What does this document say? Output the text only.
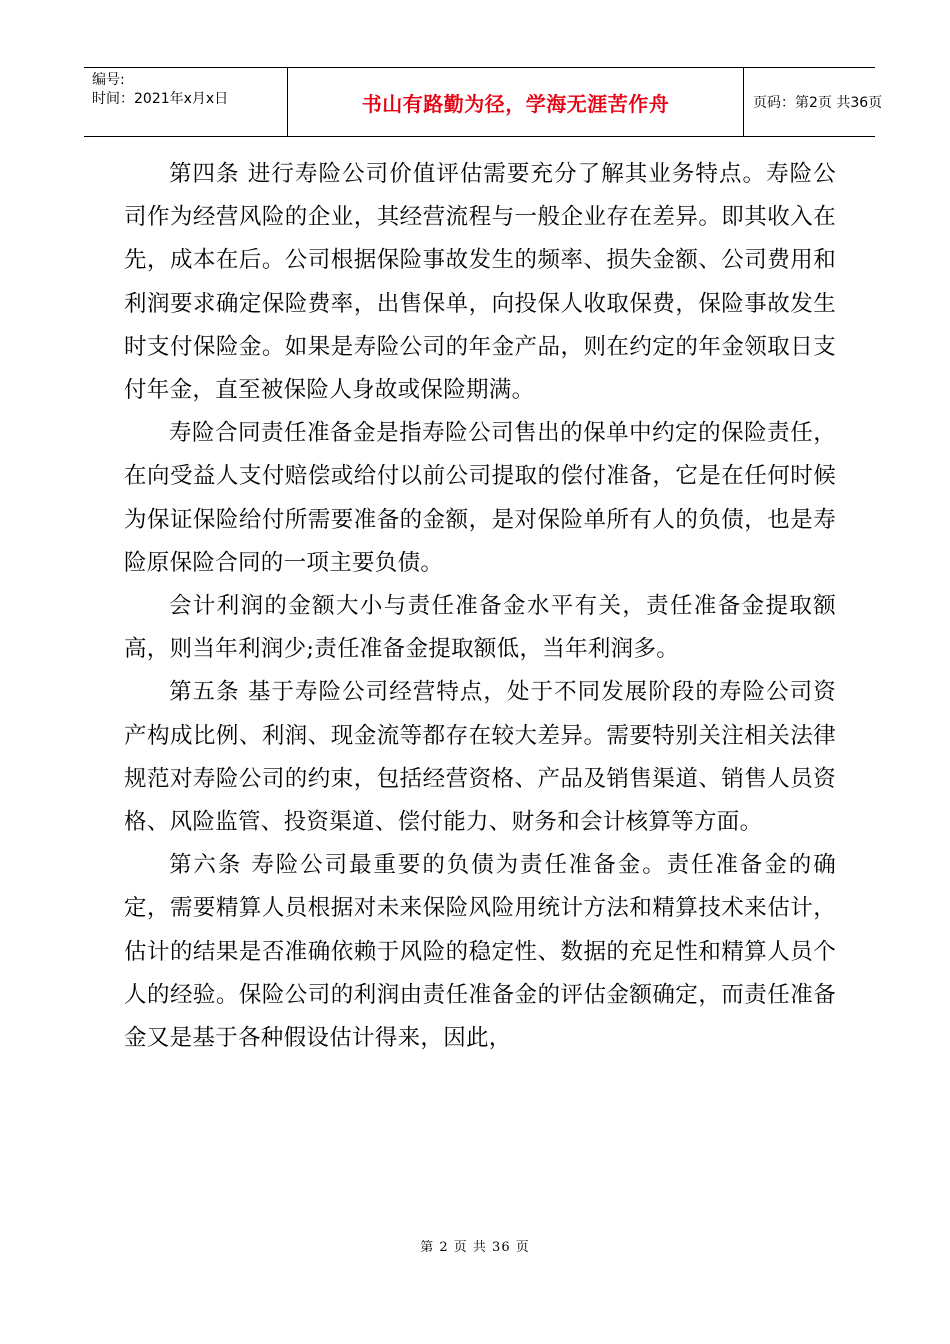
编号:
时间：2021年x月x日	书山有路勤为径，学海无涯苦作舟	页码：第2页 共36页

第四条 进行寿险公司价值评估需要充分了解其业务特点。寿险公司作为经营风险的企业，其经营流程与一般企业存在差异。即其收入在先，成本在后。公司根据保险事故发生的频率、损失金额、公司费用和利润要求确定保险费率，出售保单，向投保人收取保费，保险事故发生时支付保险金。如果是寿险公司的年金产品，则在约定的年金领取日支付年金，直至被保险人身故或保险期满。

寿险合同责任准备金是指寿险公司售出的保单中约定的保险责任，在向受益人支付赔偿或给付以前公司提取的偿付准备，它是在任何时候为保证保险给付所需要准备的金额，是对保险单所有人的负债，也是寿险原保险合同的一项主要负债。

会计利润的金额大小与责任准备金水平有关，责任准备金提取额高，则当年利润少;责任准备金提取额低，当年利润多。

第五条 基于寿险公司经营特点，处于不同发展阶段的寿险公司资产构成比例、利润、现金流等都存在较大差异。需要特别关注相关法律规范对寿险公司的约束，包括经营资格、产品及销售渠道、销售人员资格、风险监管、投资渠道、偿付能力、财务和会计核算等方面。

第六条 寿险公司最重要的负债为责任准备金。责任准备金的确定，需要精算人员根据对未来保险风险用统计方法和精算技术来估计，估计的结果是否准确依赖于风险的稳定性、数据的充足性和精算人员个人的经验。保险公司的利润由责任准备金的评估金额确定，而责任准备金又是基于各种假设估计得来，因此，

第 2 页 共 36 页
